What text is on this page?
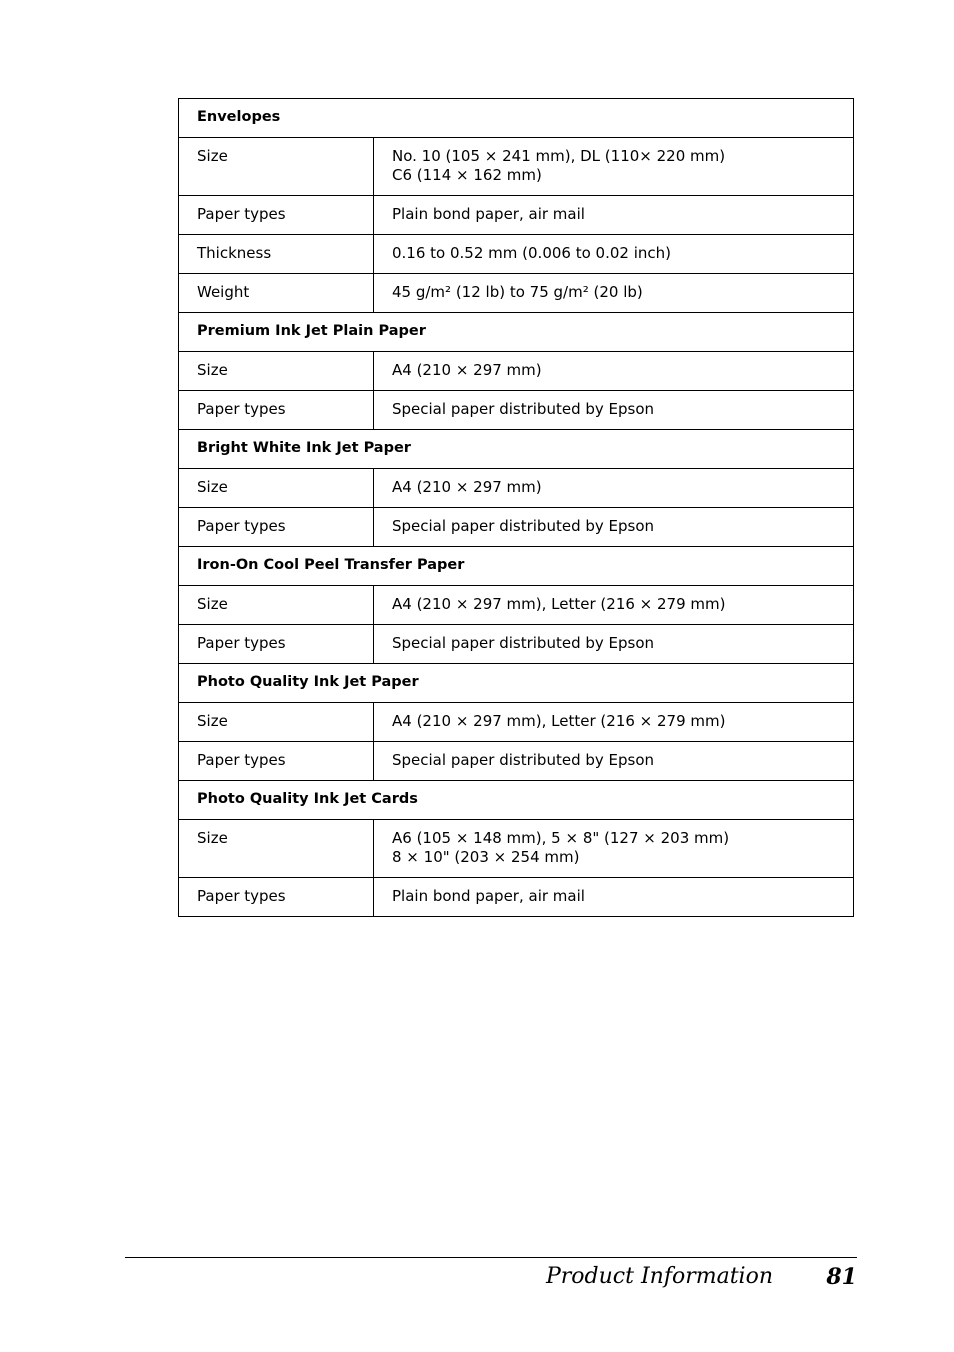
Envelopes	
Size	No. 10 (105 × 241 mm), DL (110× 220 mm)
C6 (114 × 162 mm)

Paper types	Plain bond paper, air mail

Thickness	0.16 to 0.52 mm (0.006 to 0.02 inch)

Weight	45 g/m² (12 lb) to 75 g/m² (20 lb)

Premium Ink Jet Plain Paper	
Size	A4 (210 × 297 mm)

Paper types	Special paper distributed by Epson

Bright White Ink Jet Paper	
Size	A4 (210 × 297 mm)

Paper types	Special paper distributed by Epson

Iron-On Cool Peel Transfer Paper	
Size	A4 (210 × 297 mm), Letter (216 × 279 mm)

Paper types	Special paper distributed by Epson

Photo Quality Ink Jet Paper	
Size	A4 (210 × 297 mm), Letter (216 × 279 mm)

Paper types	Special paper distributed by Epson

Photo Quality Ink Jet Cards	
Size	A6 (105 × 148 mm), 5 × 8" (127 × 203 mm)
8 × 10" (203 × 254 mm)

Paper types	Plain bond paper, air mail
Product Information 81
